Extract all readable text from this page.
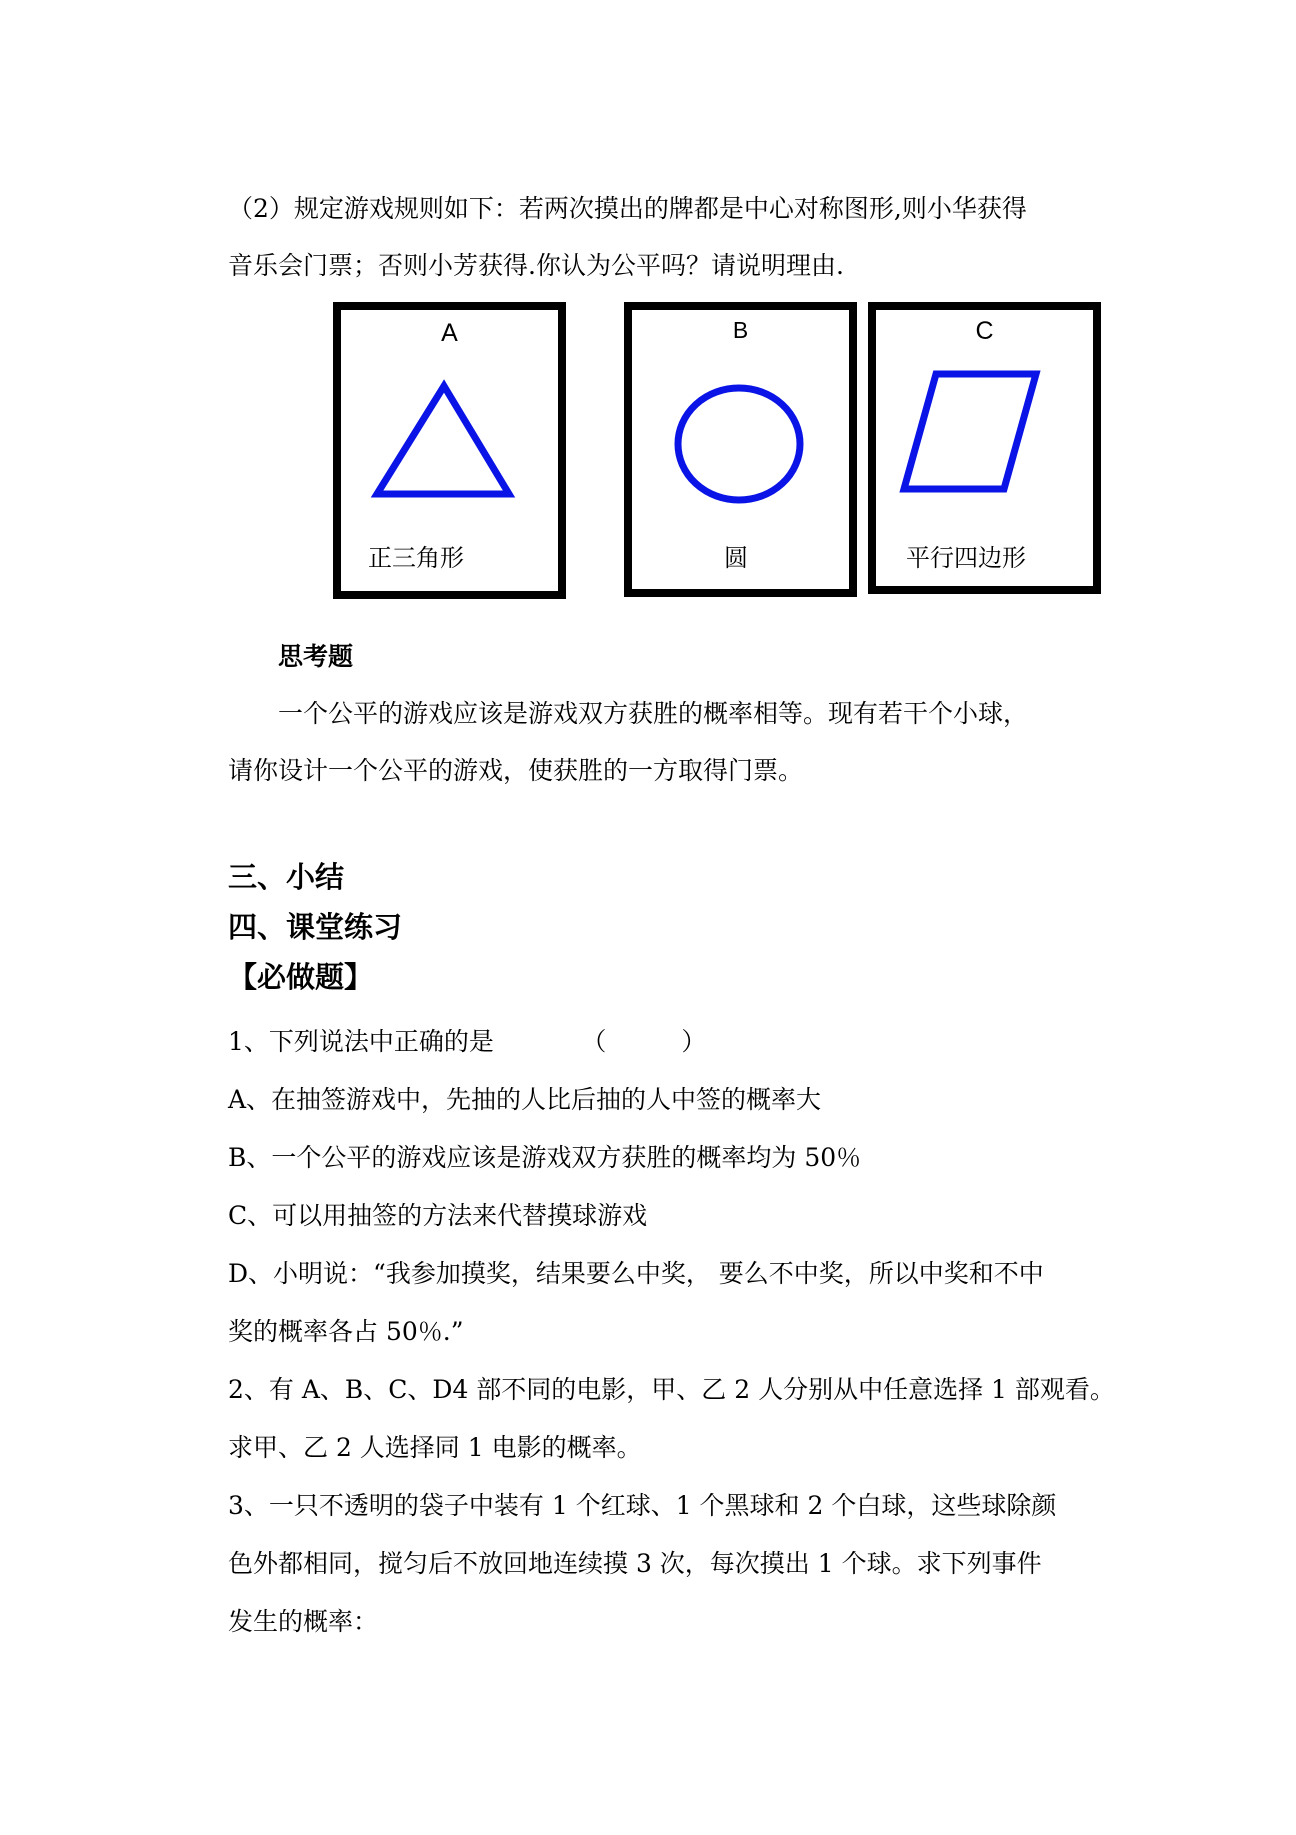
（2）规定游戏规则如下：若两次摸出的牌都是中心对称图形,则小华获得
音乐会门票；否则小芳获得.你认为公平吗？请说明理由.
A
正三角形
B
圆
C
平行四边形
思考题
一个公平的游戏应该是游戏双方获胜的概率相等。现有若干个小球，
请你设计一个公平的游戏，使获胜的一方取得门票。
三、小结
四、课堂练习
【必做题】
1、下列说法中正确的是　　　　（　　　）
A、在抽签游戏中，先抽的人比后抽的人中签的概率大
B、一个公平的游戏应该是游戏双方获胜的概率均为 50％
C、可以用抽签的方法来代替摸球游戏
D、小明说：“我参加摸奖，结果要么中奖， 要么不中奖，所以中奖和不中
奖的概率各占 50％.”
2、有 A、B、C、D4 部不同的电影，甲、乙 2 人分别从中任意选择 1 部观看。
求甲、乙 2 人选择同 1 电影的概率。
3、一只不透明的袋子中装有 1 个红球、1 个黑球和 2 个白球，这些球除颜
色外都相同，搅匀后不放回地连续摸 3 次，每次摸出 1 个球。求下列事件
发生的概率：
